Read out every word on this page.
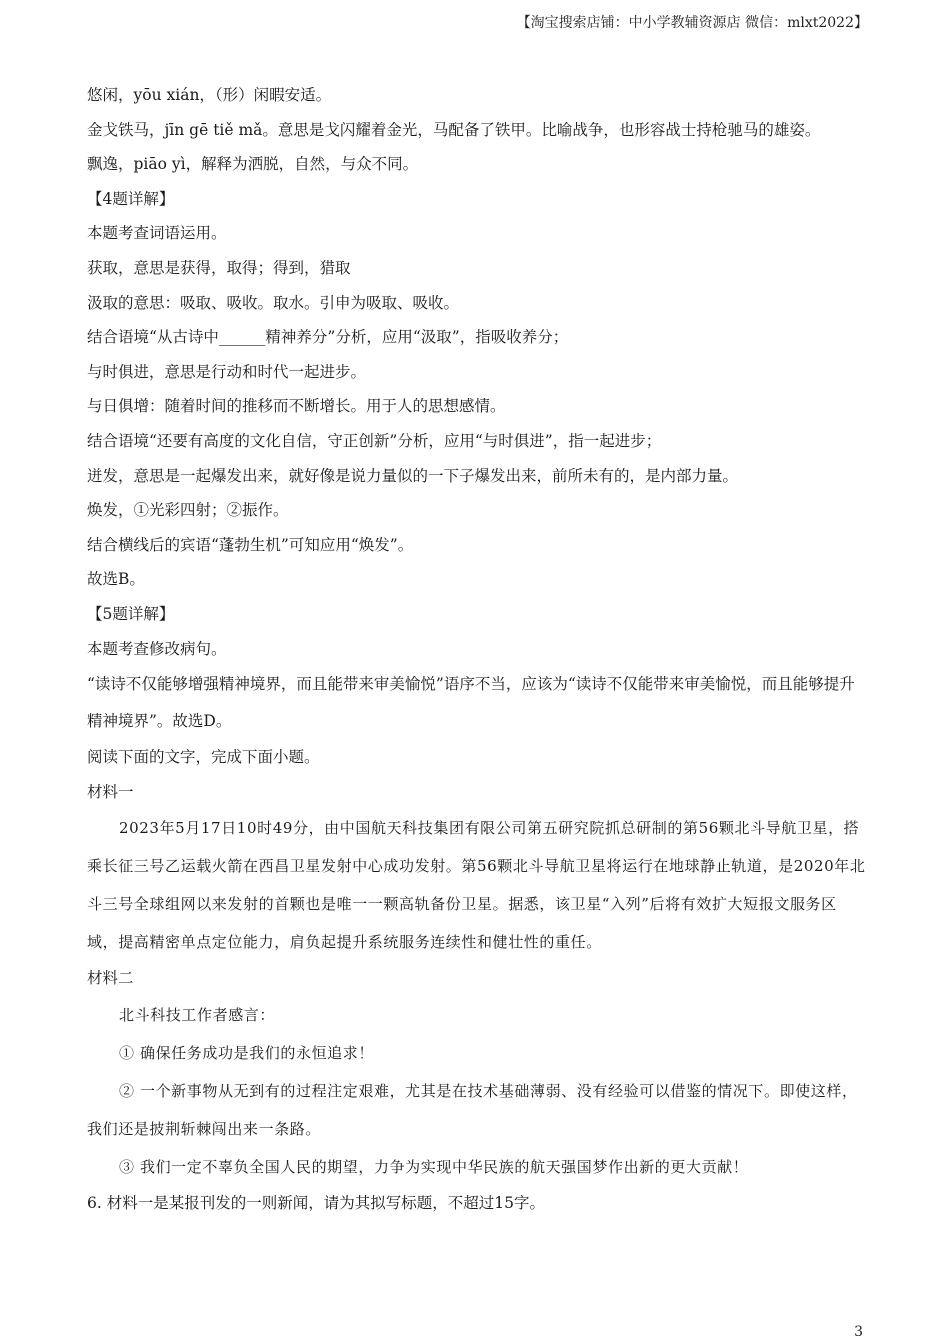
【淘宝搜索店铺：中小学教辅资源店 微信：mlxt2022】
悠闲，yōu xián，（形）闲暇安适。
金戈铁马，jīn gē tiě mǎ。意思是戈闪耀着金光，马配备了铁甲。比喻战争，也形容战士持枪驰马的雄姿。
飘逸，piāo yì，解释为洒脱，自然，与众不同。
【4题详解】
本题考查词语运用。
获取，意思是获得，取得；得到，猎取
汲取的意思：吸取、吸收。取水。引申为吸取、吸收。
结合语境“从古诗中______精神养分”分析，应用“汲取”，指吸收养分；
与时俱进，意思是行动和时代一起进步。
与日俱增：随着时间的推移而不断增长。用于人的思想感情。
结合语境“还要有高度的文化自信，守正创新”分析，应用“与时俱进”，指一起进步；
迸发，意思是一起爆发出来，就好像是说力量似的一下子爆发出来，前所未有的，是内部力量。
焕发，①光彩四射；②振作。
结合横线后的宾语“蓬勃生机”可知应用“焕发”。
故选B。
【5题详解】
本题考查修改病句。
“读诗不仅能够增强精神境界，而且能带来审美愉悦”语序不当，应该为“读诗不仅能带来审美愉悦，而且能够提升精神境界”。故选D。
阅读下面的文字，完成下面小题。
材料一
2023年5月17日10时49分，由中国航天科技集团有限公司第五研究院抓总研制的第56颗北斗导航卫星，搭乘长征三号乙运载火箭在西昌卫星发射中心成功发射。第56颗北斗导航卫星将运行在地球静止轨道，是2020年北斗三号全球组网以来发射的首颗也是唯一一颗高轨备份卫星。据悉，该卫星“入列”后将有效扩大短报文服务区域，提高精密单点定位能力，肩负起提升系统服务连续性和健壮性的重任。
材料二
北斗科技工作者感言：
① 确保任务成功是我们的永恒追求！
② 一个新事物从无到有的过程注定艰难，尤其是在技术基础薄弱、没有经验可以借鉴的情况下。即使这样，我们还是披荆斩棘闯出来一条路。
③ 我们一定不辜负全国人民的期望，力争为实现中华民族的航天强国梦作出新的更大贡献！
6. 材料一是某报刊发的一则新闻，请为其拟写标题，不超过15字。
3
